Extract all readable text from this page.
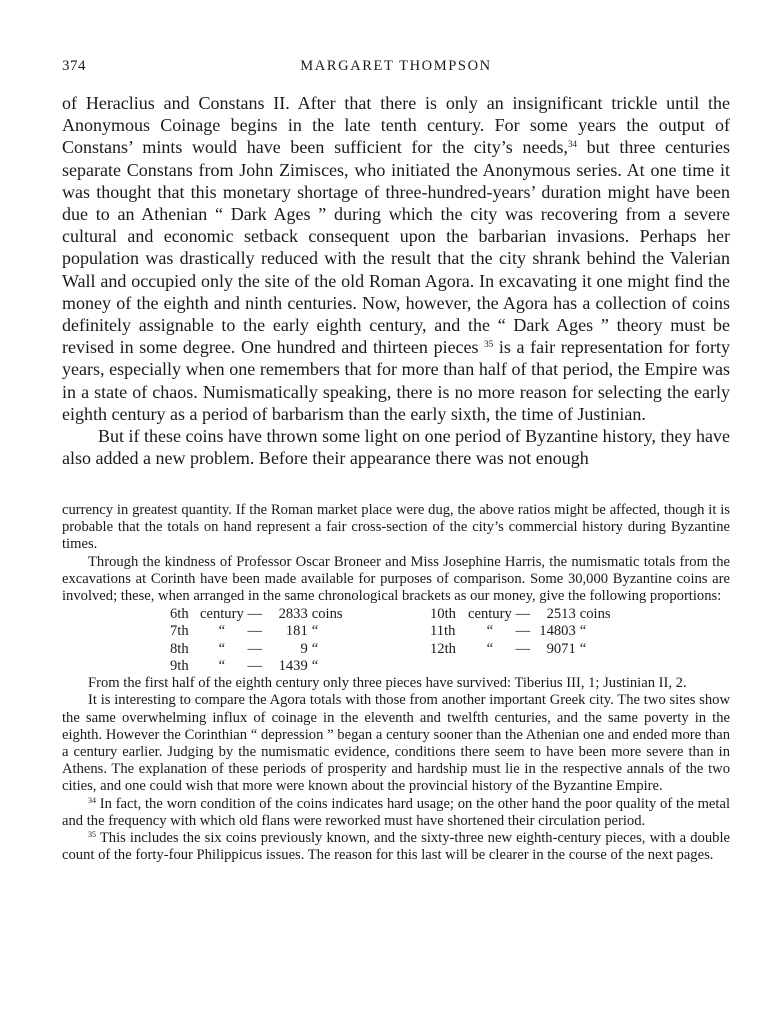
374	MARGARET THOMPSON

of Heraclius and Constans II. After that there is only an insignificant trickle until the Anonymous Coinage begins in the late tenth century. For some years the output of Constans’ mints would have been sufficient for the city’s needs,$^{34}$ but three centuries separate Constans from John Zimisces, who initiated the Anonymous series. At one time it was thought that this monetary shortage of three-hundred-years’ duration might have been due to an Athenian “ Dark Ages ” during which the city was recovering from a severe cultural and economic setback consequent upon the barbarian invasions. Perhaps her population was drastically reduced with the result that the city shrank behind the Valerian Wall and occupied only the site of the old Roman Agora. In excavating it one might find the money of the eighth and ninth centuries. Now, however, the Agora has a collection of coins definitely assignable to the early eighth century, and the “ Dark Ages ” theory must be revised in some degree. One hundred and thirteen pieces $^{35}$ is a fair representation for forty years, especially when one remembers that for more than half of that period, the Empire was in a state of chaos. Numismatically speaking, there is no more reason for selecting the early eighth century as a period of barbarism than the early sixth, the time of Justinian.

But if these coins have thrown some light on one period of Byzantine history, they have also added a new problem. Before their appearance there was not enough

currency in greatest quantity. If the Roman market place were dug, the above ratios might be affected, though it is probable that the totals on hand represent a fair cross-section of the city’s commercial history during Byzantine times.

Through the kindness of Professor Oscar Broneer and Miss Josephine Harris, the numismatic totals from the excavations at Corinth have been made available for purposes of comparison. Some 30,000 Byzantine coins are involved; these, when arranged in the same chronological brackets as our money, give the following proportions:

6th	century	—	2833	coins
7th	“	—	181	“
8th	“	—	9	“
9th	“	—	1439	“
10th	century	—	2513	coins
11th	“	—	14803	“
12th	“	—	9071	“

From the first half of the eighth century only three pieces have survived: Tiberius III, 1; Justinian II, 2.

It is interesting to compare the Agora totals with those from another important Greek city. The two sites show the same overwhelming influx of coinage in the eleventh and twelfth centuries, and the same poverty in the eighth. However the Corinthian “ depression ” began a century sooner than the Athenian one and ended more than a century earlier. Judging by the numismatic evidence, conditions there seem to have been more severe than in Athens. The explanation of these periods of prosperity and hardship must lie in the respective annals of the two cities, and one could wish that more were known about the provincial history of the Byzantine Empire.

$^{34}$ In fact, the worn condition of the coins indicates hard usage; on the other hand the poor quality of the metal and the frequency with which old flans were reworked must have shortened their circulation period.

$^{35}$ This includes the six coins previously known, and the sixty-three new eighth-century pieces, with a double count of the forty-four Philippicus issues. The reason for this last will be clearer in the course of the next pages.
